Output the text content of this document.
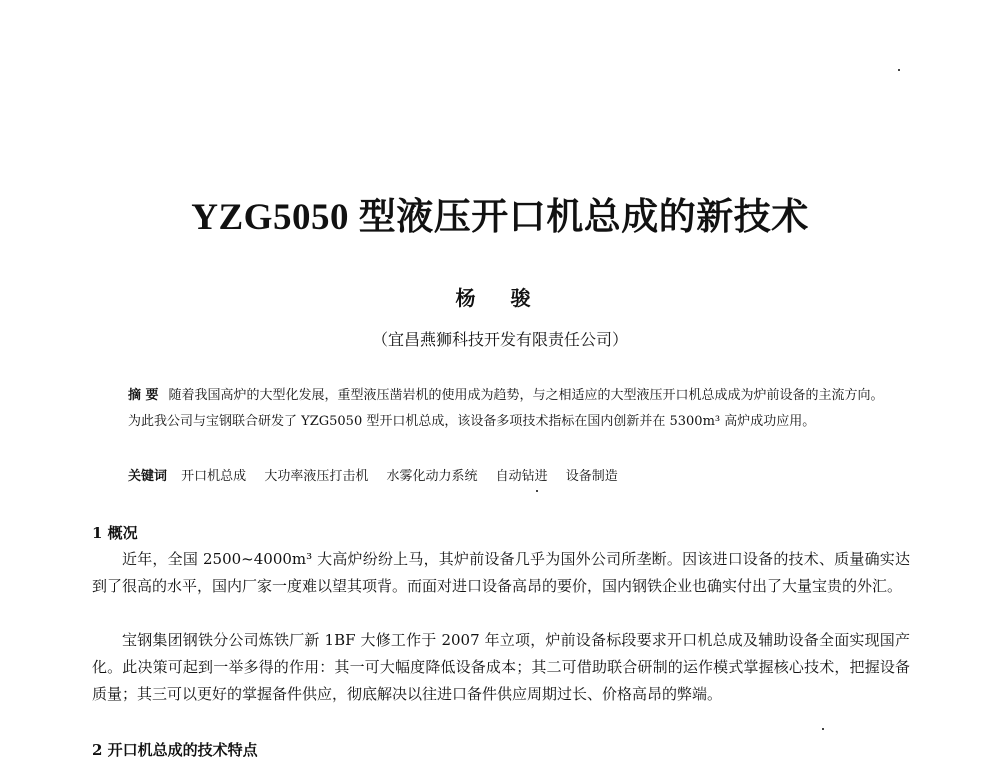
YZG5050 型液压开口机总成的新技术
杨 骏
（宜昌燕狮科技开发有限责任公司）
摘 要 随着我国高炉的大型化发展，重型液压凿岩机的使用成为趋势，与之相适应的大型液压开口机总成成为炉前设备的主流方向。为此我公司与宝钢联合研发了 YZG5050 型开口机总成，该设备多项技术指标在国内创新并在 5300m³ 高炉成功应用。
关键词 开口机总成 大功率液压打击机 水雾化动力系统 自动钻进 设备制造
1 概况
近年，全国 2500~4000m³ 大高炉纷纷上马，其炉前设备几乎为国外公司所垄断。因该进口设备的技术、质量确实达到了很高的水平，国内厂家一度难以望其项背。而面对进口设备高昂的要价，国内钢铁企业也确实付出了大量宝贵的外汇。
宝钢集团钢铁分公司炼铁厂新 1BF 大修工作于 2007 年立项，炉前设备标段要求开口机总成及辅助设备全面实现国产化。此决策可起到一举多得的作用：其一可大幅度降低设备成本；其二可借助联合研制的运作模式掌握核心技术，把握设备质量；其三可以更好的掌握备件供应，彻底解决以往进口备件供应周期过长、价格高昂的弊端。
2 开口机总成的技术特点
